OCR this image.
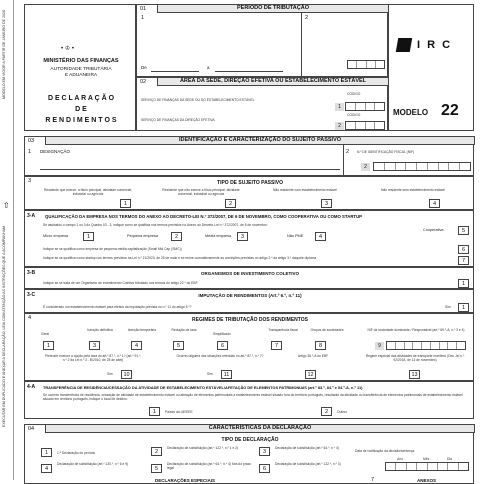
MODELO EM VIGOR A PARTIR DE JANEIRO DE 2028
⇧
EXECUTAR EM DUPLICADO E ANEXAR A DECLARAÇÃO. LEIA COM ATENÇÃO AS INSTRUÇÕES QUE A ACOMPANHAM
• ♔ •
MINISTÉRIO DAS FINANÇAS
AUTORIDADE TRIBUTÁRIA
E ADUANEIRA
D E C L A R A Ç Ã O
D E
R E N D I M E N T O S
01	PERÍODO DE TRIBUTAÇÃO
1	2
De	a
02	ÁREA DA SEDE, DIREÇÃO EFETIVA OU ESTABELECIMENTO ESTÁVEL
SERVIÇO DE FINANÇAS DA SEDE OU DO ESTABELECIMENTO ESTÁVEL
CÓDIGO
1
SERVIÇO DE FINANÇAS DA DIREÇÃO EFETIVA
CÓDIGO
2
I R C
MODELO 22
03	IDENTIFICAÇÃO E CARACTERIZAÇÃO DO SUJEITO PASSIVO
1 DESIGNAÇÃO	2 N.º DE IDENTIFICAÇÃO FISCAL (NIF)
2
3	TIPO DE SUJEITO PASSIVO
Residente que exerce, a título principal, atividade comercial, industrial ou agrícola
1
Residente que não exerce a título principal, atividade comercial, industrial ou agrícola
2
Não residente com estabelecimento estável
3
Não residente sem estabelecimento estável
4
3-A QUALIFICAÇÃO DA EMPRESA NOS TERMOS DO ANEXO AO DECRETO-LEI N.º 372/2007, DE 6 DE NOVEMBRO, COMO COOPERATIVA OU COMO STARTUP
Se assinalou o campo 1 ou 3 do Quadro 03 - 3, indique como se qualifica nos termos previstos no Anexo ao Decreto-Lei n.º 372/2007, de 6 de novembro:
Micro empresa	1	Pequena empresa	2	Média empresa	3	Não PME	4
Cooperativa	5
Indique se se qualifica como empresa de pequena-média capitalização (Small Mid Cap (SMC))	6
Indique se se qualifica como startup nos termos previstos na Lei n.º 21/2023, de 25 de maio e se reúne cumulativamente as condições previstas no artigo 2.º da artigo 3.º daquele diploma	7
3-B	ORGANISMOS DE INVESTIMENTO COLETIVO
Indique se se trata de um Organismo de Investimento Coletivo tributado nos termos do artigo 22.º do EBF	1
3-C	IMPUTAÇÃO DE RENDIMENTOS (Art.º 6.º, n.º 11)
É considerado um estabelecimento estável para efeitos da imputação prevista no n.º 11 do artigo 5.º?	Sim	1
4	REGIMES DE TRIBUTAÇÃO DOS RENDIMENTOS
Geral
1
Isenção definitiva
3
Isenção temporária
4
Redução de taxa
5
Simplificado
6
Transparência fiscal
7
Grupos de sociedades
8
NIF da sociedade dominante / Responsável (art.º 69.º-A, n.º 3 e 4)
9
Pretende exercer a opção pela taxa do art.º 87.º, n.º 1? (art.º 91.º, n.º 2 da Lei n.º 3 - B/2010, de 28 de abril)
Sim	10
Ocorreu alguma das situações referidas no art.º 87.º, n.º 7?
Sim	11
Artigo 36.º-A do EBF
12
Regime especial das atividades de transporte marítimo (Dec.-lei n.º 92/2018, de 13 de novembro)
13
4-A TRANSFERÊNCIA DE RESIDÊNCIA/CESSAÇÃO DA ATIVIDADE DE ESTABELECIMENTO ESTÁVEL/AFETAÇÃO DE ELEMENTOS PATRIMONIAIS (art.º 83.º, 84.º e 54.º-A, n.º 11)
Se ocorreu transferência de residência, cessação de atividade de estabelecimento estável ou afetação de elementos patrimoniais a estabelecimento estável situado fora do território português, resultante da atividade ou transferência de elementos patrimoniais de estabelecimento estável situado em território português, indique o local de destino:
1	Países da UE/EEE	2	Outros
04	CARACTERÍSTICAS DA DECLARAÇÃO
TIPO DE DECLARAÇÃO
1	1.ª Declaração do período	2
Declaração de substituição (art.º 122.º, n.º 1 e 2)
3
Declaração de substituição (art.º 64.º, n.º 4)
4
Declaração de substituição (art.º 120.º, n.º 6 e 9)
5
Declaração de substituição (art.º 64.º, n.º 4) fora do prazo legal	6
Declaração de substituição (art.º 122.º, n.º 3)
Data de notificação da decisão/sentença
Ano	Mês	Dia
DECLARAÇÕES ESPECIAIS	7	ANEXOS
